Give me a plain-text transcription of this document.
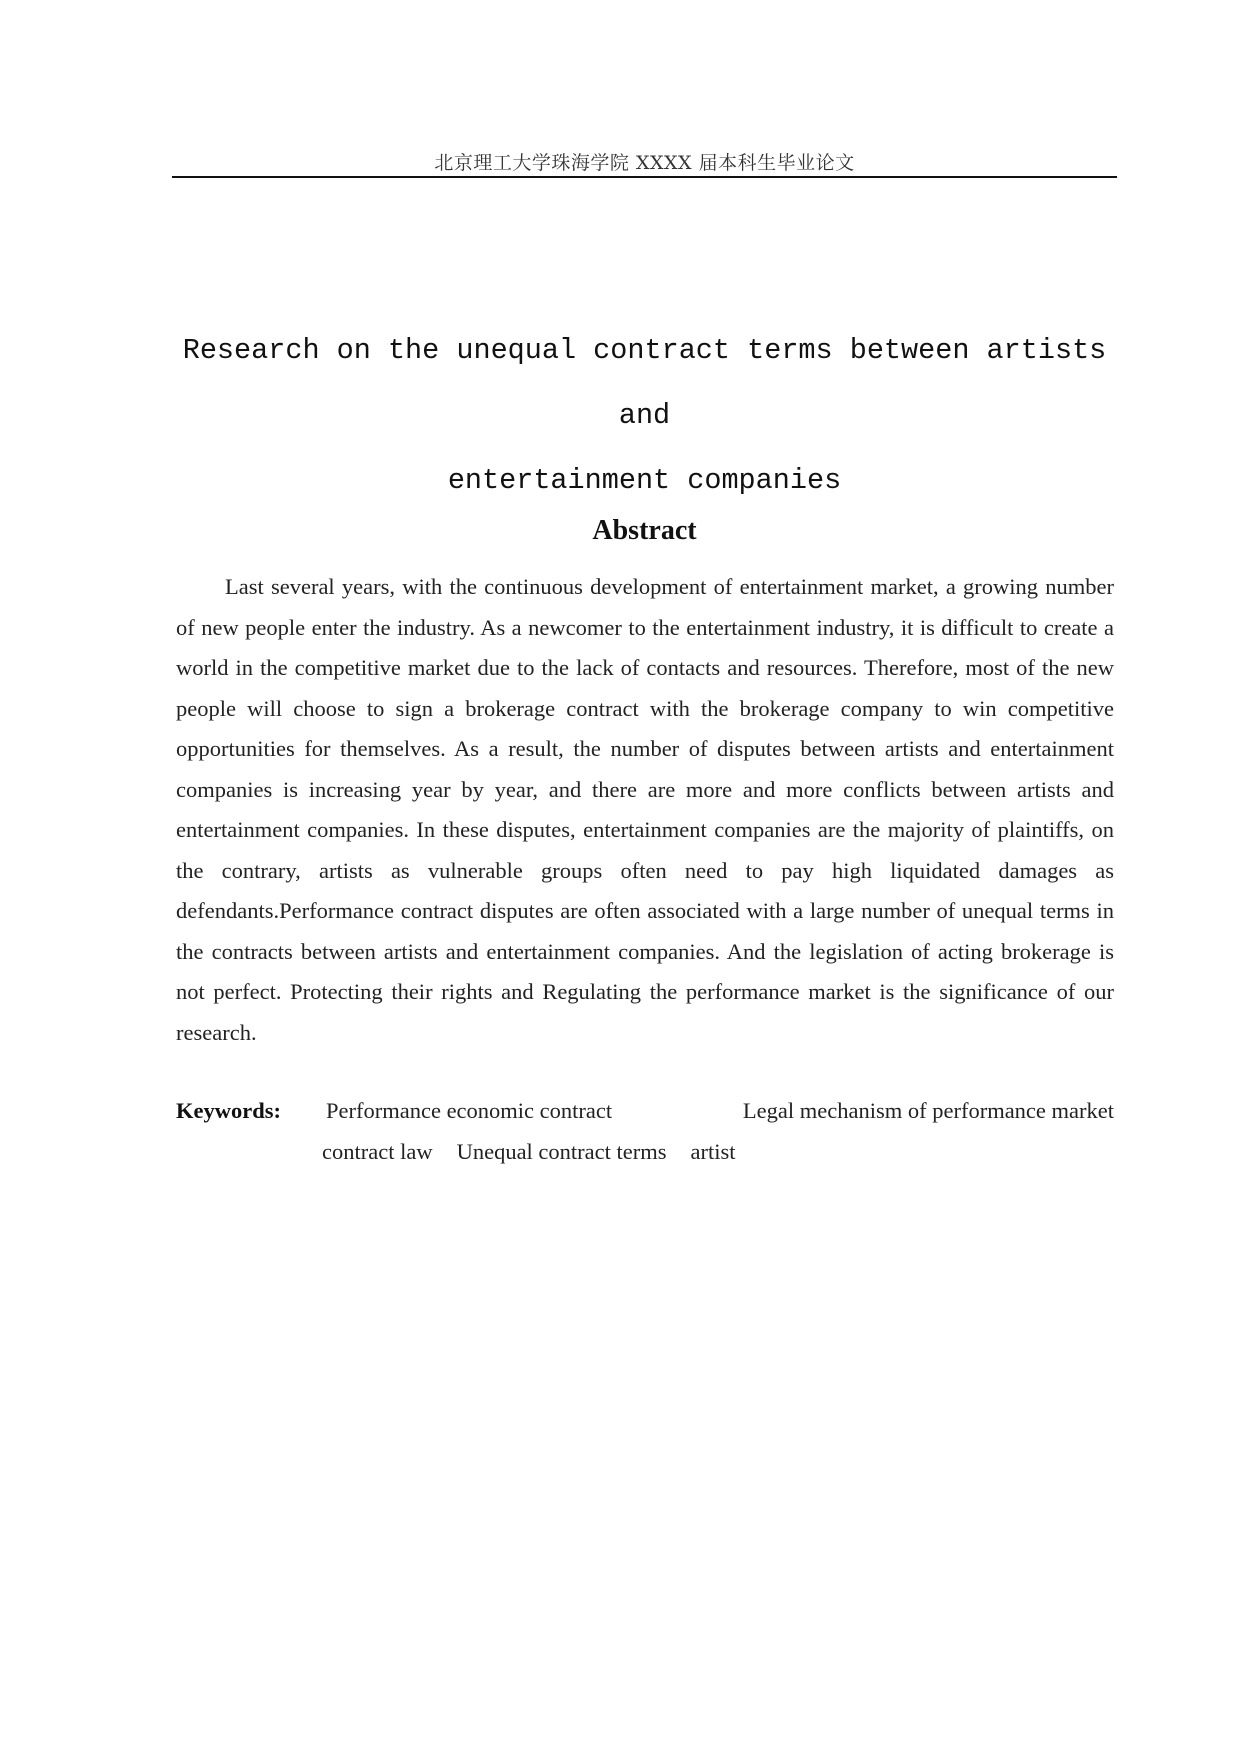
北京理工大学珠海学院 XXXX 届本科生毕业论文
Research on the unequal contract terms between artists and
entertainment companies
Abstract

Last several years, with the continuous development of entertainment market, a growing number of new people enter the industry. As a newcomer to the entertainment industry, it is difficult to create a world in the competitive market due to the lack of contacts and resources. Therefore, most of the new people will choose to sign a brokerage contract with the brokerage company to win competitive opportunities for themselves. As a result, the number of disputes between artists and entertainment companies is increasing year by year, and there are more and more conflicts between artists and entertainment companies. In these disputes, entertainment companies are the majority of plaintiffs, on the contrary, artists as vulnerable groups often need to pay high liquidated damages as defendants.Performance contract disputes are often associated with a large number of unequal terms in the contracts between artists and entertainment companies. And the legislation of acting brokerage is not perfect. Protecting their rights and Regulating the performance market is the significance of our research.

Keywords: Performance economic contract	Legal mechanism of performance market
contract law Unequal contract terms artist
